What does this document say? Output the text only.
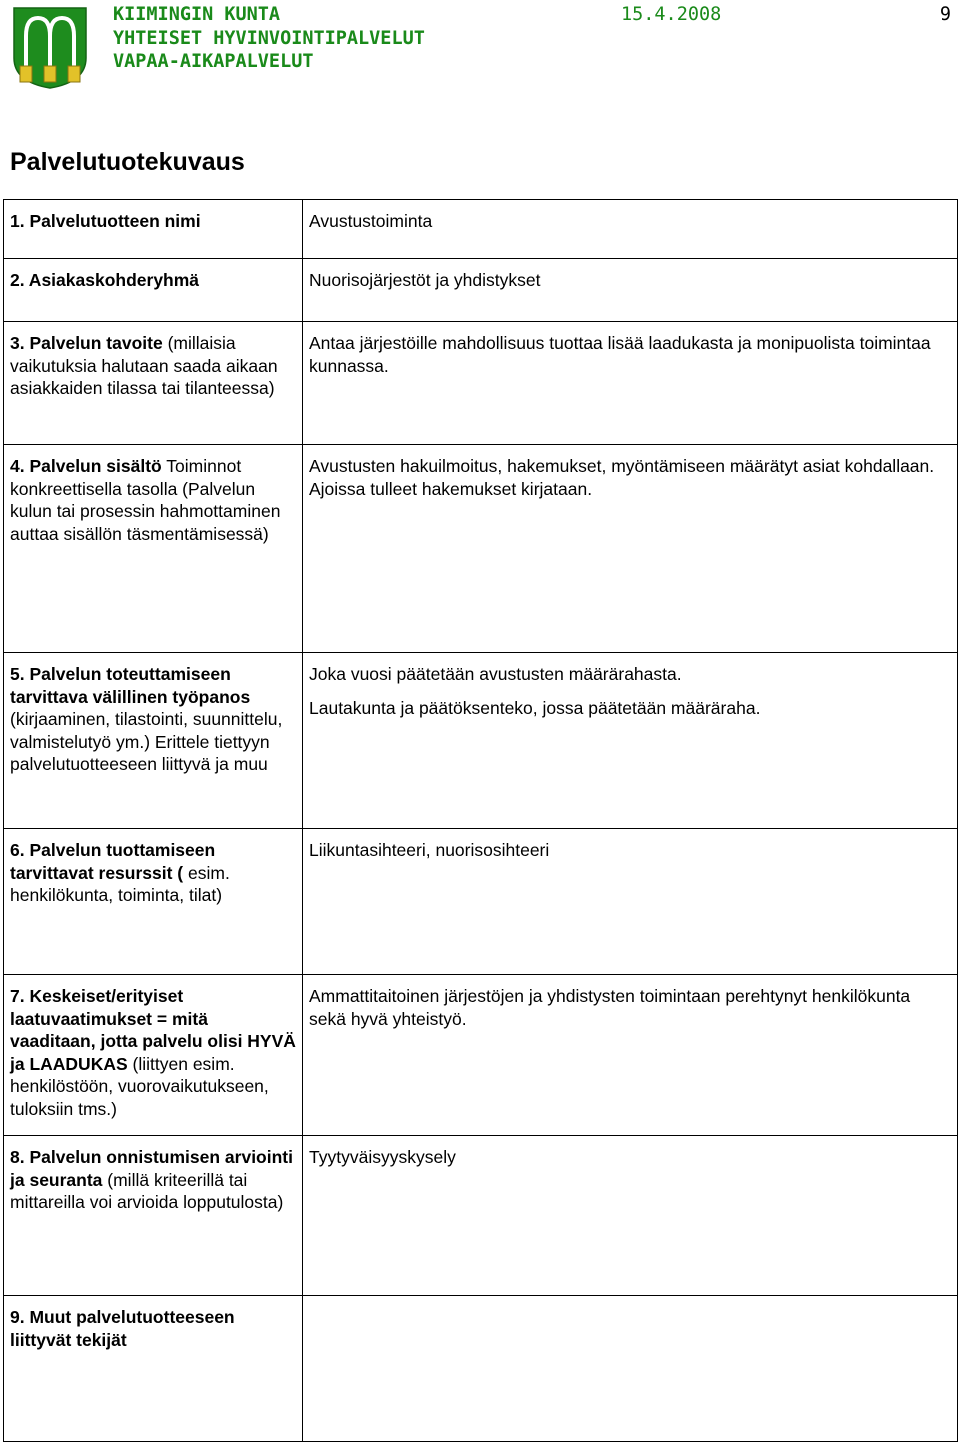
KIIMINGIN KUNTA
YHTEISET HYVINVOINTIPALVELUT
VAPAA-AIKAPALVELUT
15.4.2008	9
Palvelutuotekuvaus
1. Palvelutuotteen nimi	Avustustoiminta

2. Asiakaskohderyhmä	Nuorisojärjestöt ja yhdistykset

3. Palvelun tavoite (millaisia vaikutuksia halutaan saada aikaan asiakkaiden tilassa tai tilanteessa)	Antaa järjestöille mahdollisuus tuottaa lisää laadukasta ja monipuolista toimintaa kunnassa.

4. Palvelun sisältö Toiminnot konkreettisella tasolla (Palvelun kulun tai prosessin hahmottaminen auttaa sisällön täsmentämisessä)	Avustusten hakuilmoitus, hakemukset, myöntämiseen määrätyt asiat kohdallaan. Ajoissa tulleet hakemukset kirjataan.

5. Palvelun toteuttamiseen tarvittava välillinen työpanos (kirjaaminen, tilastointi, suunnittelu, valmistelutyö ym.) Erittele tiettyyn palvelutuotteeseen liittyvä ja muu	Joka vuosi päätetään avustusten määrärahasta.

Lautakunta ja päätöksenteko, jossa päätetään määräraha.

6. Palvelun tuottamiseen tarvittavat resurssit ( esim. henkilökunta, toiminta, tilat)	Liikuntasihteeri, nuorisosihteeri

7. Keskeiset/erityiset laatuvaatimukset = mitä vaaditaan, jotta palvelu olisi HYVÄ ja LAADUKAS (liittyen esim. henkilöstöön, vuorovaikutukseen, tuloksiin tms.)	Ammattitaitoinen järjestöjen ja yhdistysten toimintaan perehtynyt henkilökunta sekä hyvä yhteistyö.

8. Palvelun onnistumisen arviointi ja seuranta (millä kriteerillä tai mittareilla voi arvioida lopputulosta)	Tyytyväisyyskysely

9. Muut palvelutuotteeseen liittyvät tekijät	
